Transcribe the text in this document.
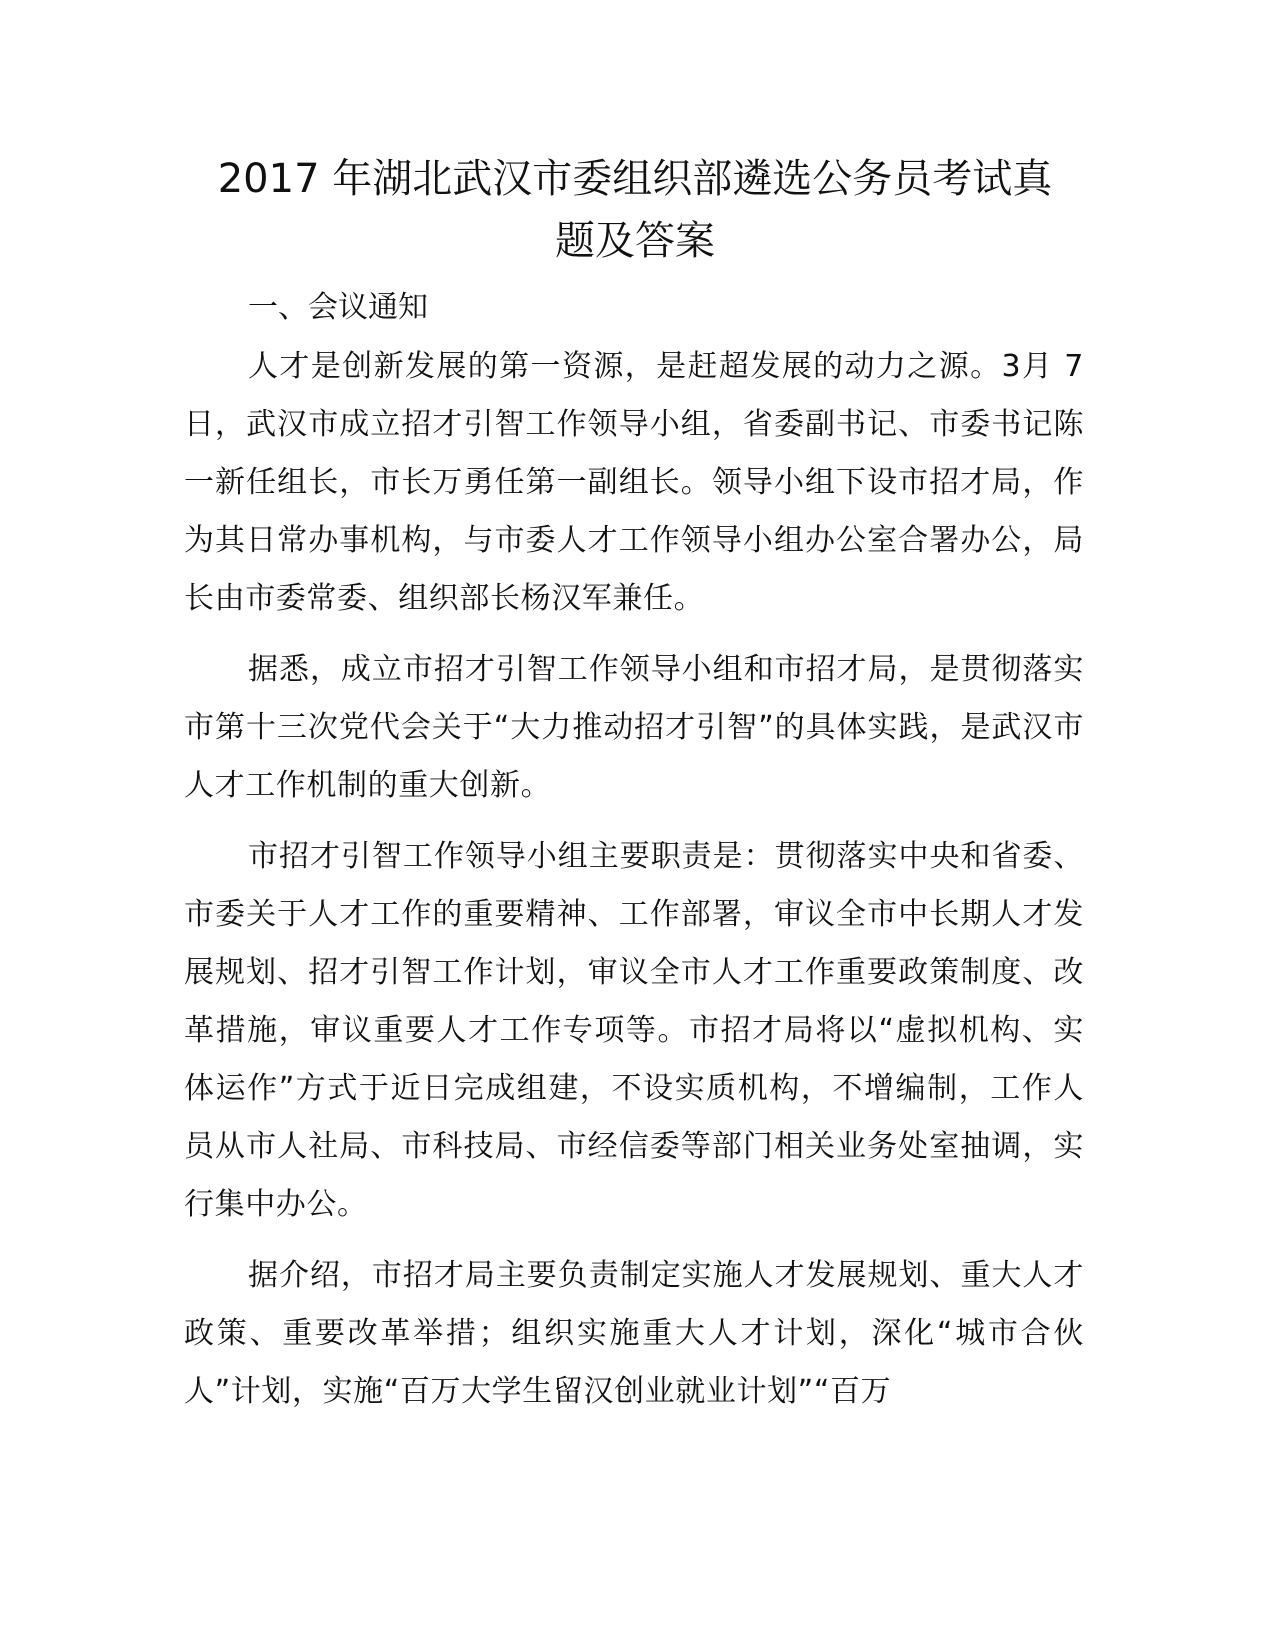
2017 年湖北武汉市委组织部遴选公务员考试真
题及答案
一、会议通知

人才是创新发展的第一资源，是赶超发展的动力之源。3月 7 日，武汉市成立招才引智工作领导小组，省委副书记、市委书记陈一新任组长，市长万勇任第一副组长。领导小组下设市招才局，作为其日常办事机构，与市委人才工作领导小组办公室合署办公，局长由市委常委、组织部长杨汉军兼任。

据悉，成立市招才引智工作领导小组和市招才局，是贯彻落实市第十三次党代会关于“大力推动招才引智”的具体实践，是武汉市人才工作机制的重大创新。

市招才引智工作领导小组主要职责是：贯彻落实中央和省委、市委关于人才工作的重要精神、工作部署，审议全市中长期人才发展规划、招才引智工作计划，审议全市人才工作重要政策制度、改革措施，审议重要人才工作专项等。市招才局将以“虚拟机构、实体运作”方式于近日完成组建，不设实质机构，不增编制，工作人员从市人社局、市科技局、市经信委等部门相关业务处室抽调，实行集中办公。

据介绍，市招才局主要负责制定实施人才发展规划、重大人才政策、重要改革举措；组织实施重大人才计划，深化“城市合伙人”计划，实施“百万大学生留汉创业就业计划”“百万
